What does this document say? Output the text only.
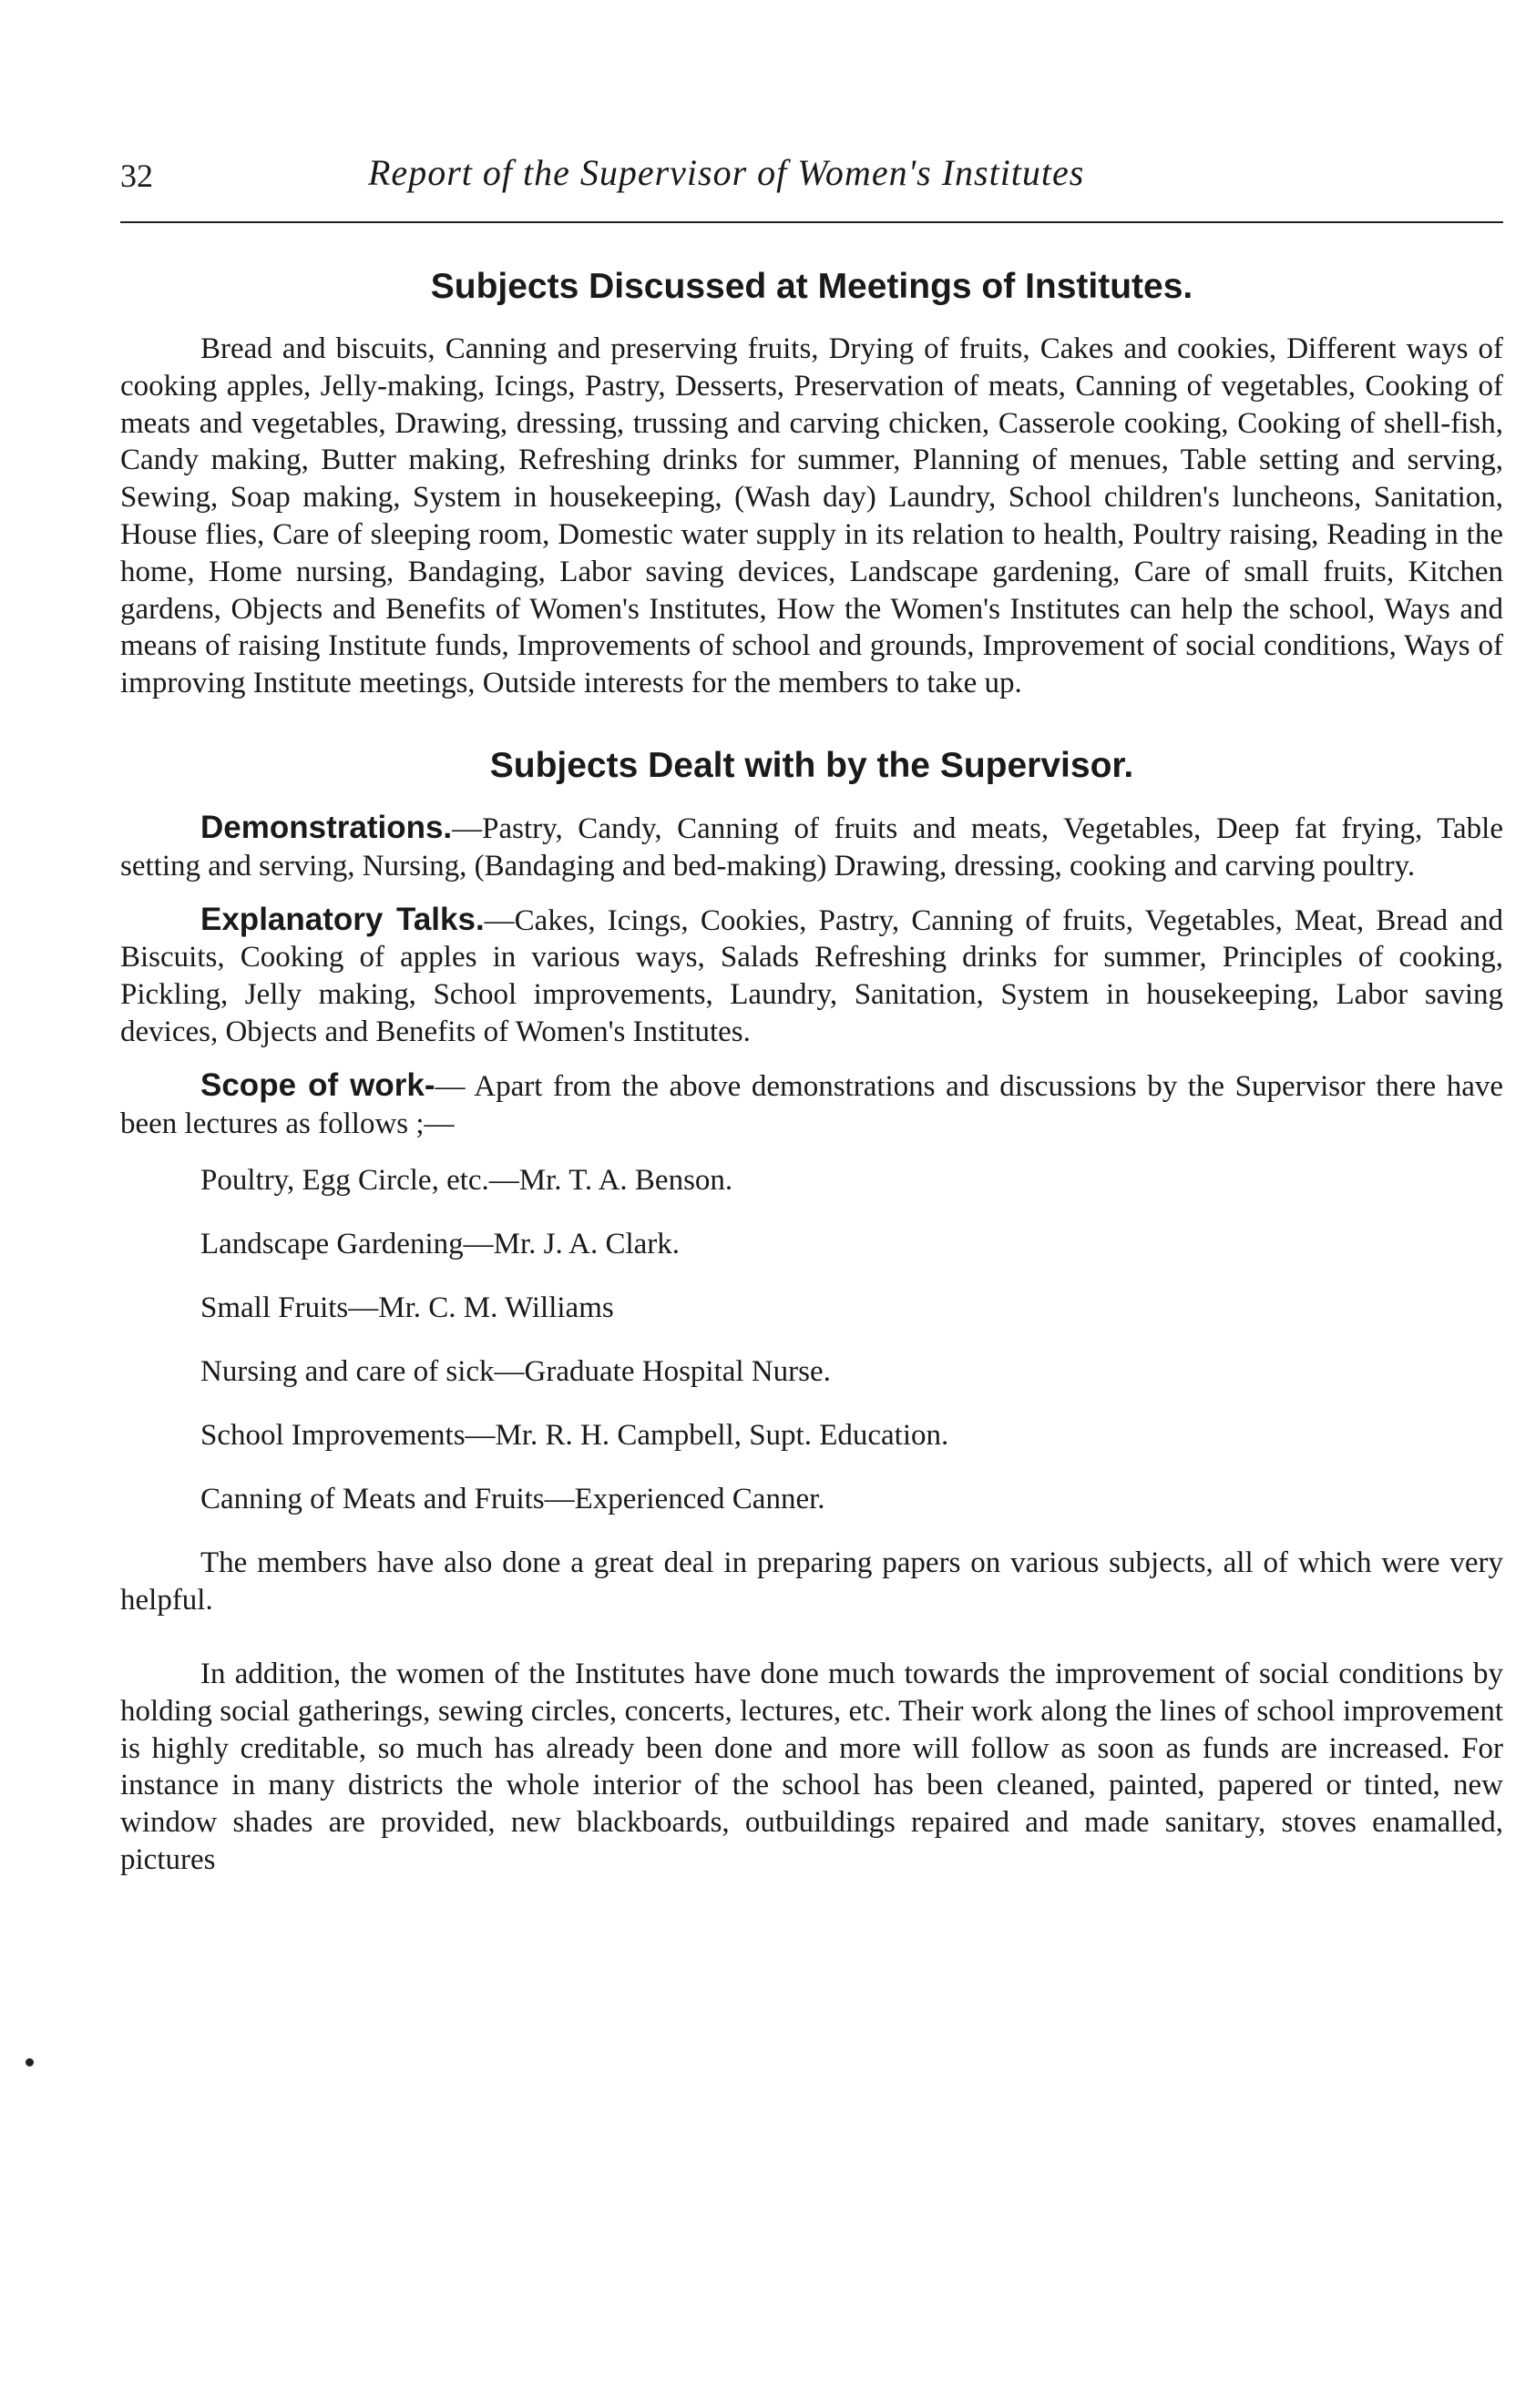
32	Report of the Supervisor of Women's Institutes
Subjects Discussed at Meetings of Institutes.

Bread and biscuits, Canning and preserving fruits, Drying of fruits, Cakes and cookies, Different ways of cooking apples, Jelly-making, Icings, Pastry, Desserts, Preservation of meats, Canning of vegetables, Cooking of meats and vegetables, Drawing, dressing, trussing and carving chicken, Casserole cooking, Cooking of shell-fish, Candy making, Butter making, Refreshing drinks for summer, Planning of menues, Table setting and serving, Sewing, Soap making, System in housekeeping, (Wash day) Laundry, School children's luncheons, Sanitation, House flies, Care of sleeping room, Domestic water supply in its relation to health, Poultry raising, Reading in the home, Home nursing, Bandaging, Labor saving devices, Landscape gardening, Care of small fruits, Kitchen gardens, Objects and Benefits of Women's Institutes, How the Women's Institutes can help the school, Ways and means of raising Institute funds, Improvements of school and grounds, Improvement of social conditions, Ways of improving Institute meetings, Outside interests for the members to take up.

Subjects Dealt with by the Supervisor.

Demonstrations.—Pastry, Candy, Canning of fruits and meats, Vegetables, Deep fat frying, Table setting and serving, Nursing, (Bandaging and bed-making) Drawing, dressing, cooking and carving poultry.

Explanatory Talks.—Cakes, Icings, Cookies, Pastry, Canning of fruits, Vegetables, Meat, Bread and Biscuits, Cooking of apples in various ways, Salads Refreshing drinks for summer, Principles of cooking, Pickling, Jelly making, School improvements, Laundry, Sanitation, System in housekeeping, Labor saving devices, Objects and Benefits of Women's Institutes.

Scope of work-— Apart from the above demonstrations and discussions by the Supervisor there have been lectures as follows ;—

Poultry, Egg Circle, etc.—Mr. T. A. Benson.
Landscape Gardening—Mr. J. A. Clark.
Small Fruits—Mr. C. M. Williams
Nursing and care of sick—Graduate Hospital Nurse.
School Improvements—Mr. R. H. Campbell, Supt. Education.
Canning of Meats and Fruits—Experienced Canner.

The members have also done a great deal in preparing papers on various subjects, all of which were very helpful.

In addition, the women of the Institutes have done much towards the improvement of social conditions by holding social gatherings, sewing circles, concerts, lectures, etc. Their work along the lines of school improvement is highly creditable, so much has already been done and more will follow as soon as funds are increased. For instance in many districts the whole interior of the school has been cleaned, painted, papered or tinted, new window shades are provided, new blackboards, outbuildings repaired and made sanitary, stoves enamalled, pictures
